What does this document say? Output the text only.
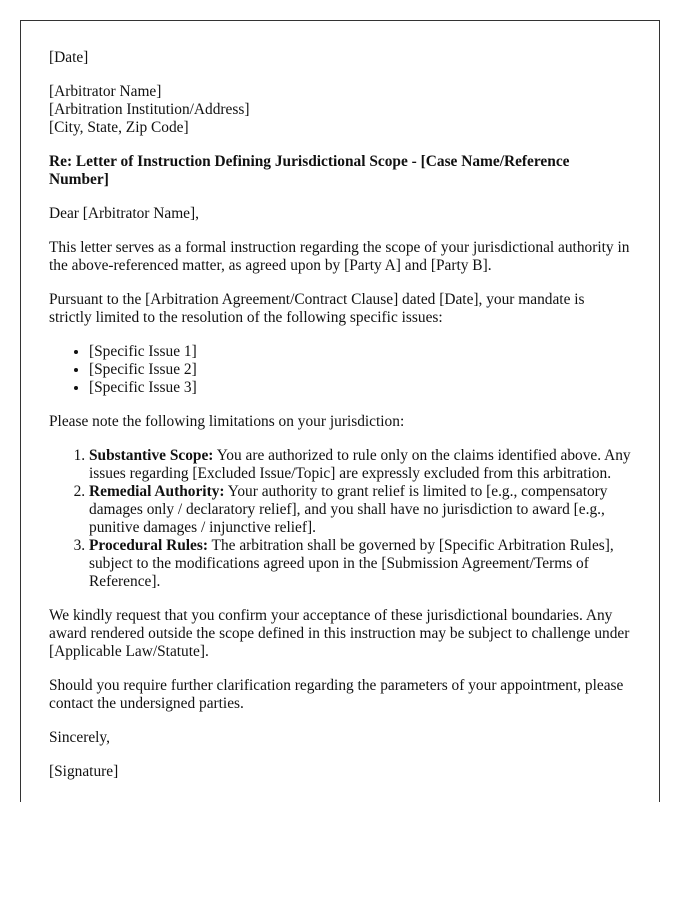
[Date]

[Arbitrator Name]
[Arbitration Institution/Address]
[City, State, Zip Code]

Re: Letter of Instruction Defining Jurisdictional Scope - [Case Name/Reference Number]

Dear [Arbitrator Name],

This letter serves as a formal instruction regarding the scope of your jurisdictional authority in the above-referenced matter, as agreed upon by [Party A] and [Party B].

Pursuant to the [Arbitration Agreement/Contract Clause] dated [Date], your mandate is strictly limited to the resolution of the following specific issues:

• [Specific Issue 1]
• [Specific Issue 2]
• [Specific Issue 3]

Please note the following limitations on your jurisdiction:

1. Substantive Scope: You are authorized to rule only on the claims identified above. Any issues regarding [Excluded Issue/Topic] are expressly excluded from this arbitration.
2. Remedial Authority: Your authority to grant relief is limited to [e.g., compensatory damages only / declaratory relief], and you shall have no jurisdiction to award [e.g., punitive damages / injunctive relief].
3. Procedural Rules: The arbitration shall be governed by [Specific Arbitration Rules], subject to the modifications agreed upon in the [Submission Agreement/Terms of Reference].

We kindly request that you confirm your acceptance of these jurisdictional boundaries. Any award rendered outside the scope defined in this instruction may be subject to challenge under [Applicable Law/Statute].

Should you require further clarification regarding the parameters of your appointment, please contact the undersigned parties.

Sincerely,

[Signature]
